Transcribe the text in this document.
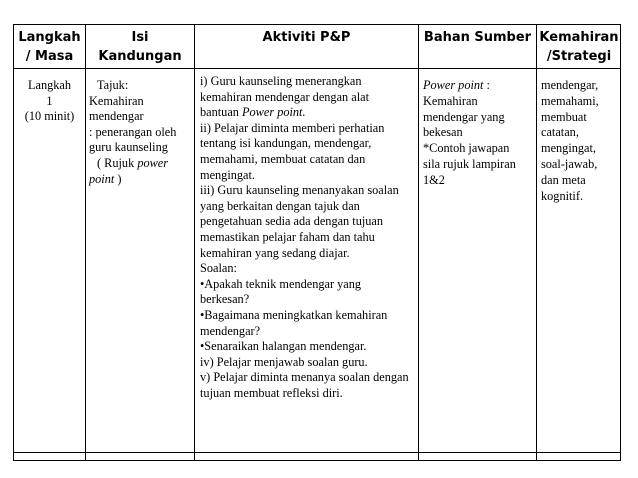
Langkah
/ Masa
Isi
Kandungan
Aktiviti P&P	Bahan Sumber Kemahiran
/Strategi
Langkah
1
(10 minit)
Tajuk:
Kemahiran
mendengar
: penerangan oleh
guru kaunseling
( Rujuk power
point )
i) Guru kaunseling menerangkan
kemahiran mendengar dengan alat
bantuan Power point.
ii) Pelajar diminta memberi perhatian
tentang isi kandungan, mendengar,
memahami, membuat catatan dan
mengingat.
iii) Guru kaunseling menanyakan soalan
yang berkaitan dengan tajuk dan
pengetahuan sedia ada dengan tujuan
memastikan pelajar faham dan tahu
kemahiran yang sedang diajar.
Soalan:
•Apakah teknik mendengar yang
berkesan?
•Bagaimana meningkatkan kemahiran
mendengar?
•Senaraikan halangan mendengar.
iv) Pelajar menjawab soalan guru.
v) Pelajar diminta menanya soalan dengan
tujuan membuat refleksi diri.
Power point :
Kemahiran
mendengar yang
bekesan
*Contoh jawapan
sila rujuk lampiran
1&2
mendengar,
memahami,
membuat
catatan,
mengingat,
soal-jawab,
dan meta
kognitif.
